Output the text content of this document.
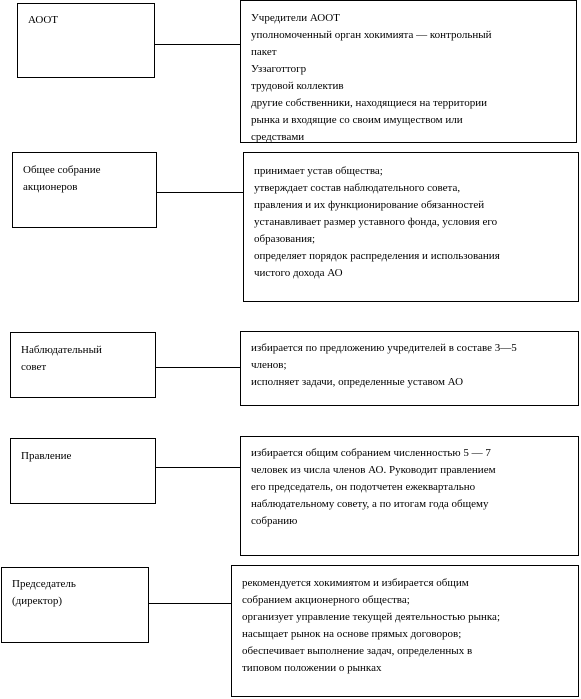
АООТ	Учредители АООТ
уполномоченный орган хокимията — контрольный
пакет
Уззаготтогр
трудовой коллектив
другие собственники, находящиеся на территории
рынка и входящие со своим имуществом или
средствами
Общее собрание
акционеров
принимает устав общества;
утверждает состав наблюдательного совета,
правления и их функционирование обязанностей
устанавливает размер уставного фонда, условия его
образования;
определяет порядок распределения и использования
чистого дохода АО
Наблюдательный
совет
избирается по предложению учредителей в составе 3—5
членов;
исполняет задачи, определенные уставом АО
Правление	избирается общим собранием численностью 5 — 7
человек из числа членов АО. Руководит правлением
его председатель, он подотчетен ежеквартально
наблюдательному совету, а по итогам года общему
собранию
Председатель
(директор)
рекомендуется хокимиятом и избирается общим
собранием акционерного общества;
организует управление текущей деятельностью рынка;
насыщает рынок на основе прямых договоров;
обеспечивает выполнение задач, определенных в
типовом положении о рынках
